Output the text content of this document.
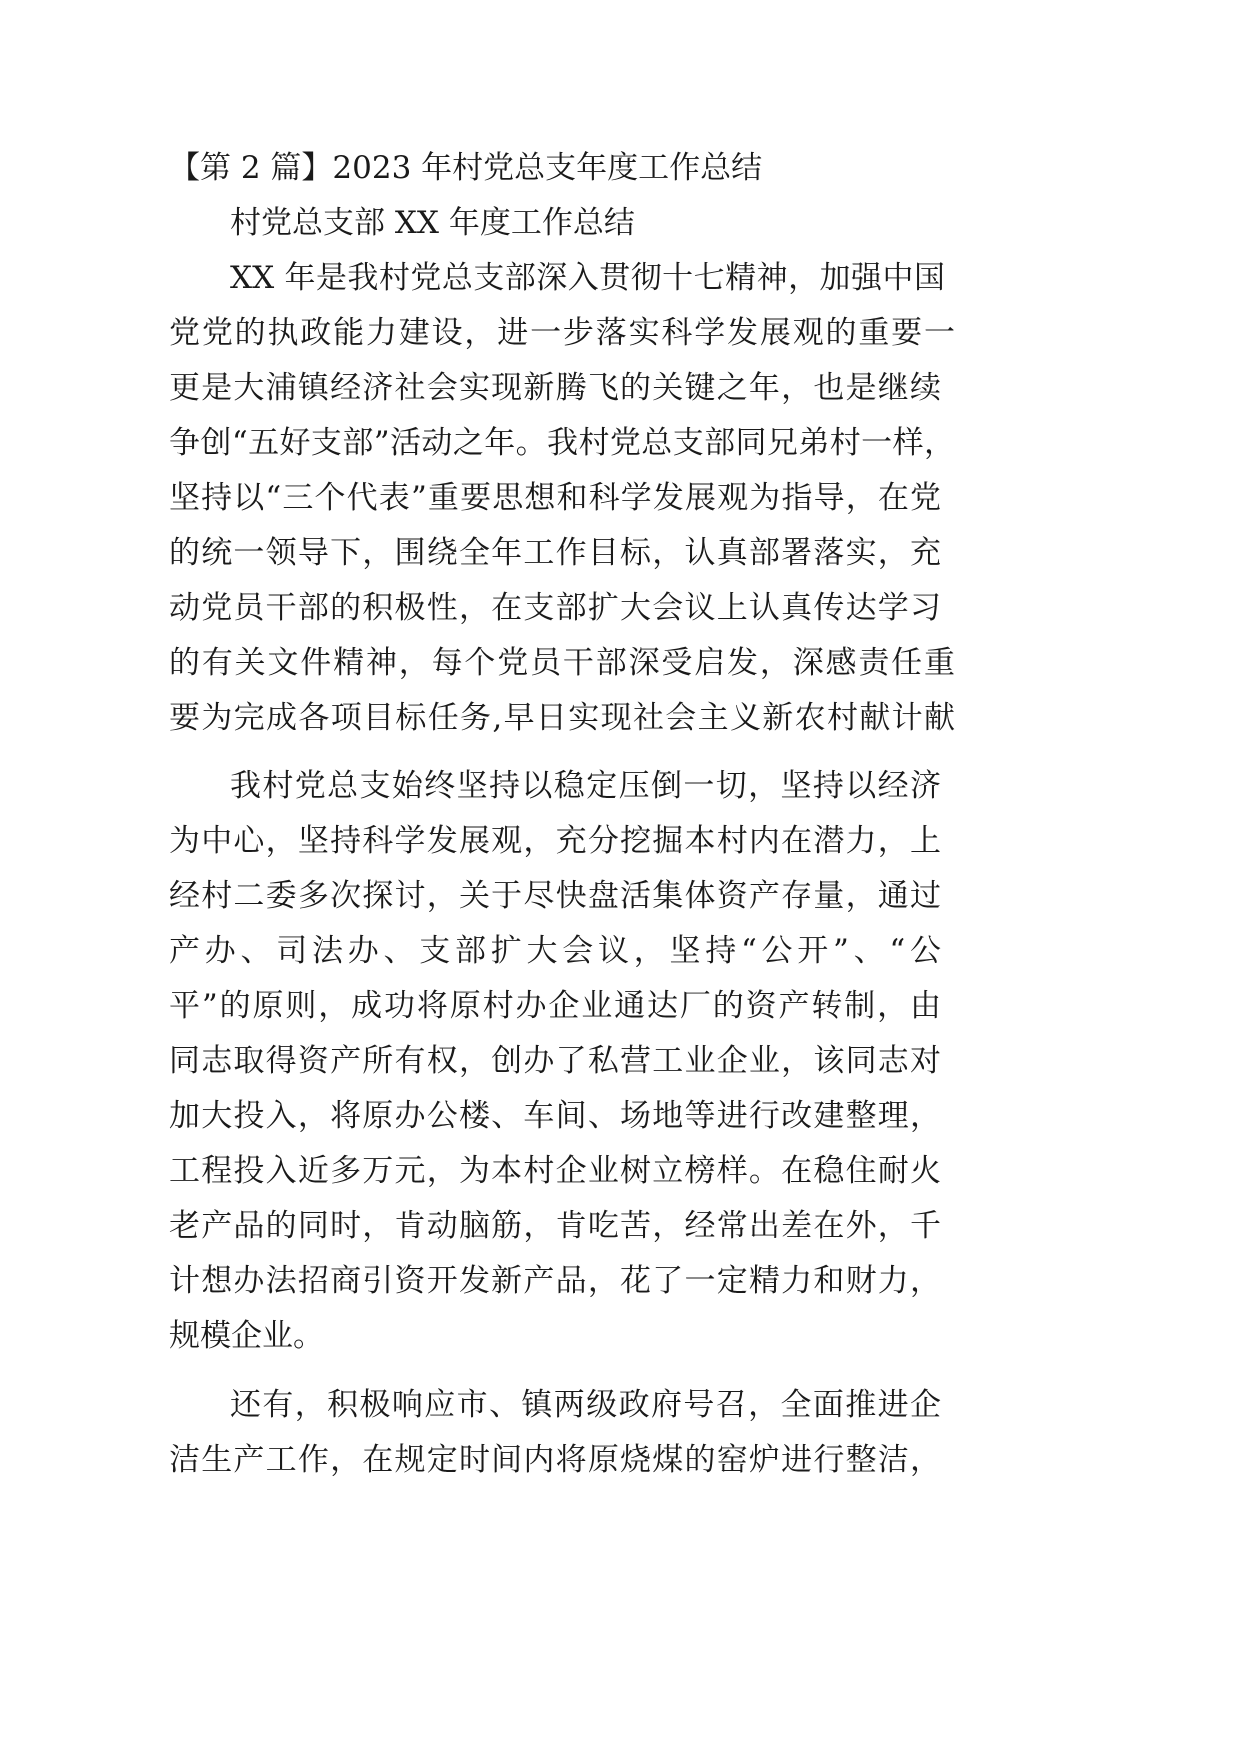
【第 2 篇】2023 年村党总支年度工作总结

村党总支部 XX 年度工作总结

XX 年是我村党总支部深入贯彻十七精神，加强中国

党党的执政能力建设，进一步落实科学发展观的重要一

更是大浦镇经济社会实现新腾飞的关键之年，也是继续

争创“五好支部”活动之年。我村党总支部同兄弟村一样，

坚持以“三个代表”重要思想和科学发展观为指导，在党

的统一领导下，围绕全年工作目标，认真部署落实，充

动党员干部的积极性，在支部扩大会议上认真传达学习

的有关文件精神，每个党员干部深受启发，深感责任重

要为完成各项目标任务,早日实现社会主义新农村献计献

我村党总支始终坚持以稳定压倒一切，坚持以经济

为中心，坚持科学发展观，充分挖掘本村内在潜力，上

经村二委多次探讨，关于尽快盘活集体资产存量，通过

产办、司法办、支部扩大会议，坚持“公开”、“公

平”的原则，成功将原村办企业通达厂的资产转制，由

同志取得资产所有权，创办了私营工业企业，该同志对

加大投入，将原办公楼、车间、场地等进行改建整理，

工程投入近多万元，为本村企业树立榜样。在稳住耐火

老产品的同时，肯动脑筋，肯吃苦，经常出差在外，千

计想办法招商引资开发新产品，花了一定精力和财力，

规模企业。

还有，积极响应市、镇两级政府号召，全面推进企

洁生产工作，在规定时间内将原烧煤的窑炉进行整洁，
